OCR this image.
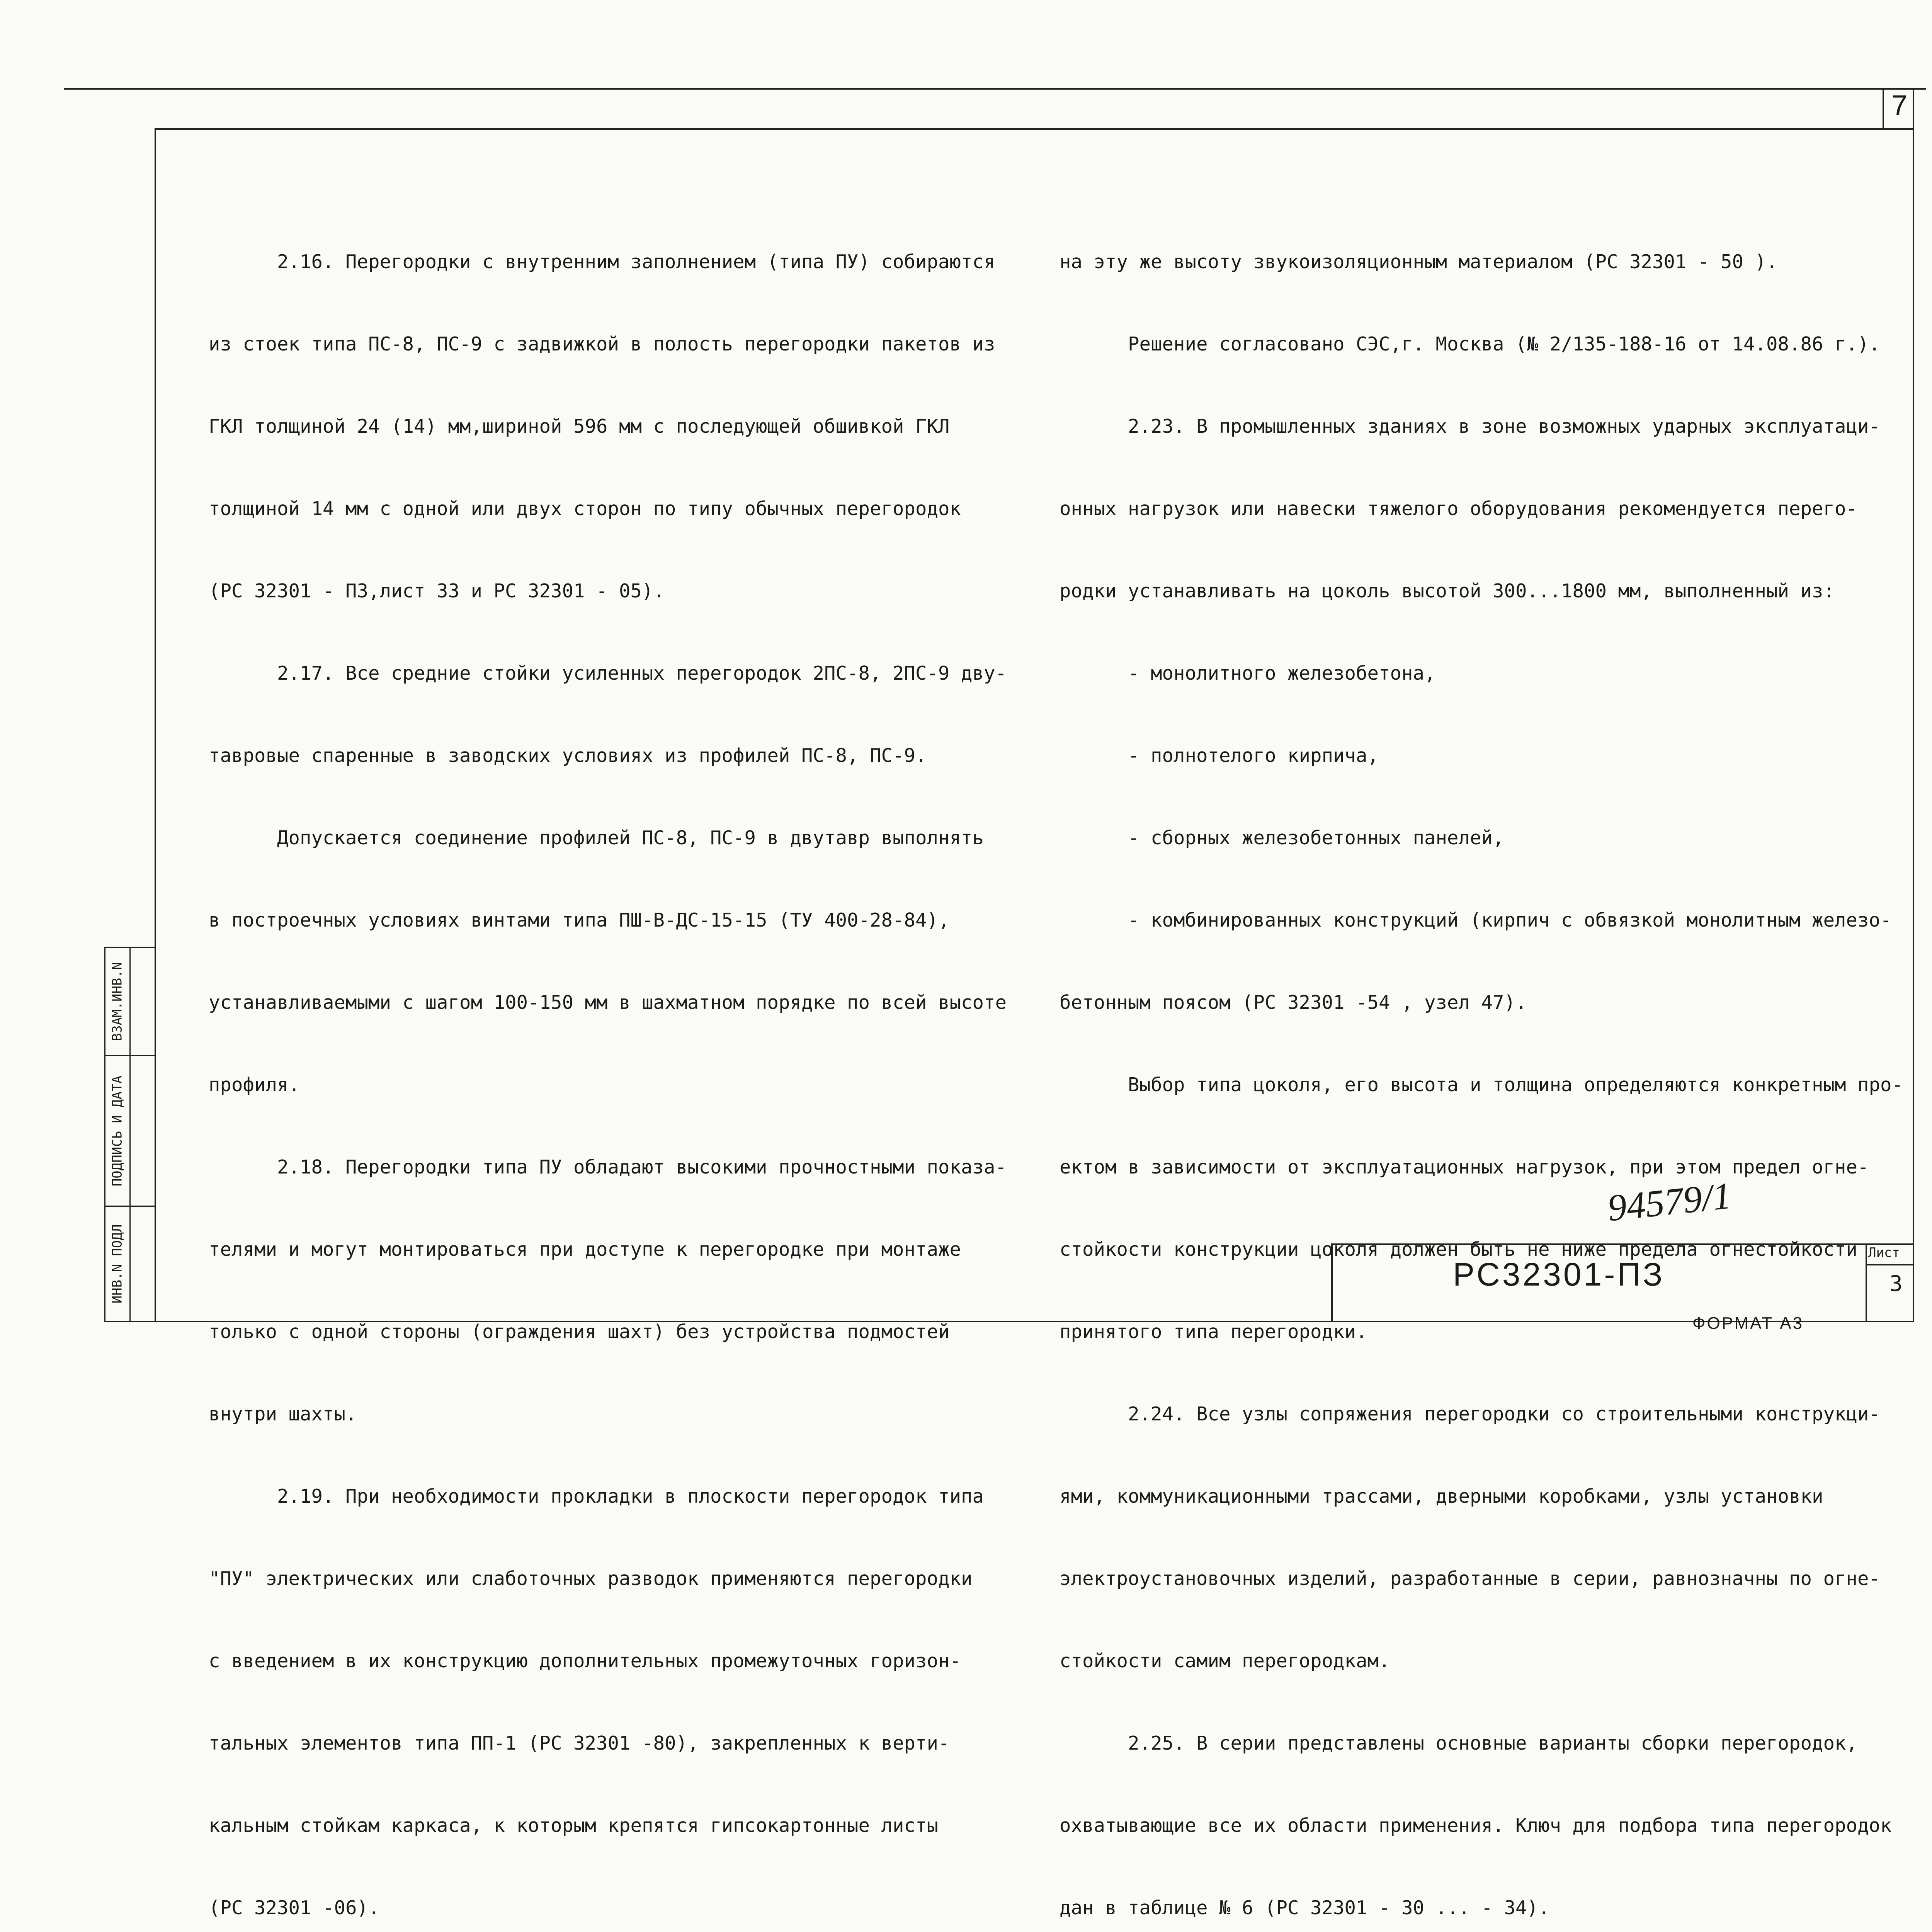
ВЗАМ.ИНВ.N
ПОДПИСЬ И ДАТА
ИНВ.N ПОДЛ
7

2.16. Перегородки с внутренним заполнением (типа ПУ) собираются

из стоек типа ПС-8, ПС-9 с задвижкой в полость перегородки пакетов из

ГКЛ толщиной 24 (14) мм,шириной 596 мм с последующей обшивкой ГКЛ

толщиной 14 мм с одной или двух сторон по типу обычных перегородок

(РС 32301 - ПЗ,лист 33 и РС 32301 - 05).

2.17. Все средние стойки усиленных перегородок 2ПС-8, 2ПС-9 дву-

тавровые спаренные в заводских условиях из профилей ПС-8, ПС-9.

Допускается соединение профилей ПС-8, ПС-9 в двутавр выполнять

в построечных условиях винтами типа ПШ-В-ДС-15-15 (ТУ 400-28-84),

устанавливаемыми с шагом 100-150 мм в шахматном порядке по всей высоте

профиля.

2.18. Перегородки типа ПУ обладают высокими прочностными показа-

телями и могут монтироваться при доступе к перегородке при монтаже

только с одной стороны (ограждения шахт) без устройства подмостей

внутри шахты.

2.19. При необходимости прокладки в плоскости перегородок типа

"ПУ" электрических или слаботочных разводок применяются перегородки

с введением в их конструкцию дополнительных промежуточных горизон-

тальных элементов типа ПП-1 (РС 32301 -80), закрепленных к верти-

кальным стойкам каркаса, к которым крепятся гипсокартонные листы

(РС 32301 -06).

на эту же высоту звукоизоляционным материалом (РС 32301 - 50 ).

Решение согласовано СЭС,г. Москва (№ 2/135-188-16 от 14.08.86 г.).

2.23. В промышленных зданиях в зоне возможных ударных эксплуатаци-

онных нагрузок или навески тяжелого оборудования рекомендуется перего-

родки устанавливать на цоколь высотой 300...1800 мм, выполненный из:

- монолитного железобетона,

- полнотелого кирпича,

- сборных железобетонных панелей,

- комбинированных конструкций (кирпич с обвязкой монолитным железо-

бетонным поясом (РС 32301 -54 , узел 47).

Выбор типа цоколя, его высота и толщина определяются конкретным про-

ектом в зависимости от эксплуатационных нагрузок, при этом предел огне-

стойкости конструкции цоколя должен быть не ниже предела огнестойкости

принятого типа перегородки.

2.24. Все узлы сопряжения перегородки со строительными конструкци-

ями, коммуникационными трассами, дверными коробками, узлы установки

электроустановочных изделий, разработанные в серии, равнозначны по огне-

стойкости самим перегородкам.

2.25. В серии представлены основные варианты сборки перегородок,

охватывающие все их области применения. Ключ для подбора типа перегородок

дан в таблице № 6 (РС 32301 - 30 ... - 34).

94579/1
РС32301-ПЗ
Лист
3
ФОРМАТ А3
